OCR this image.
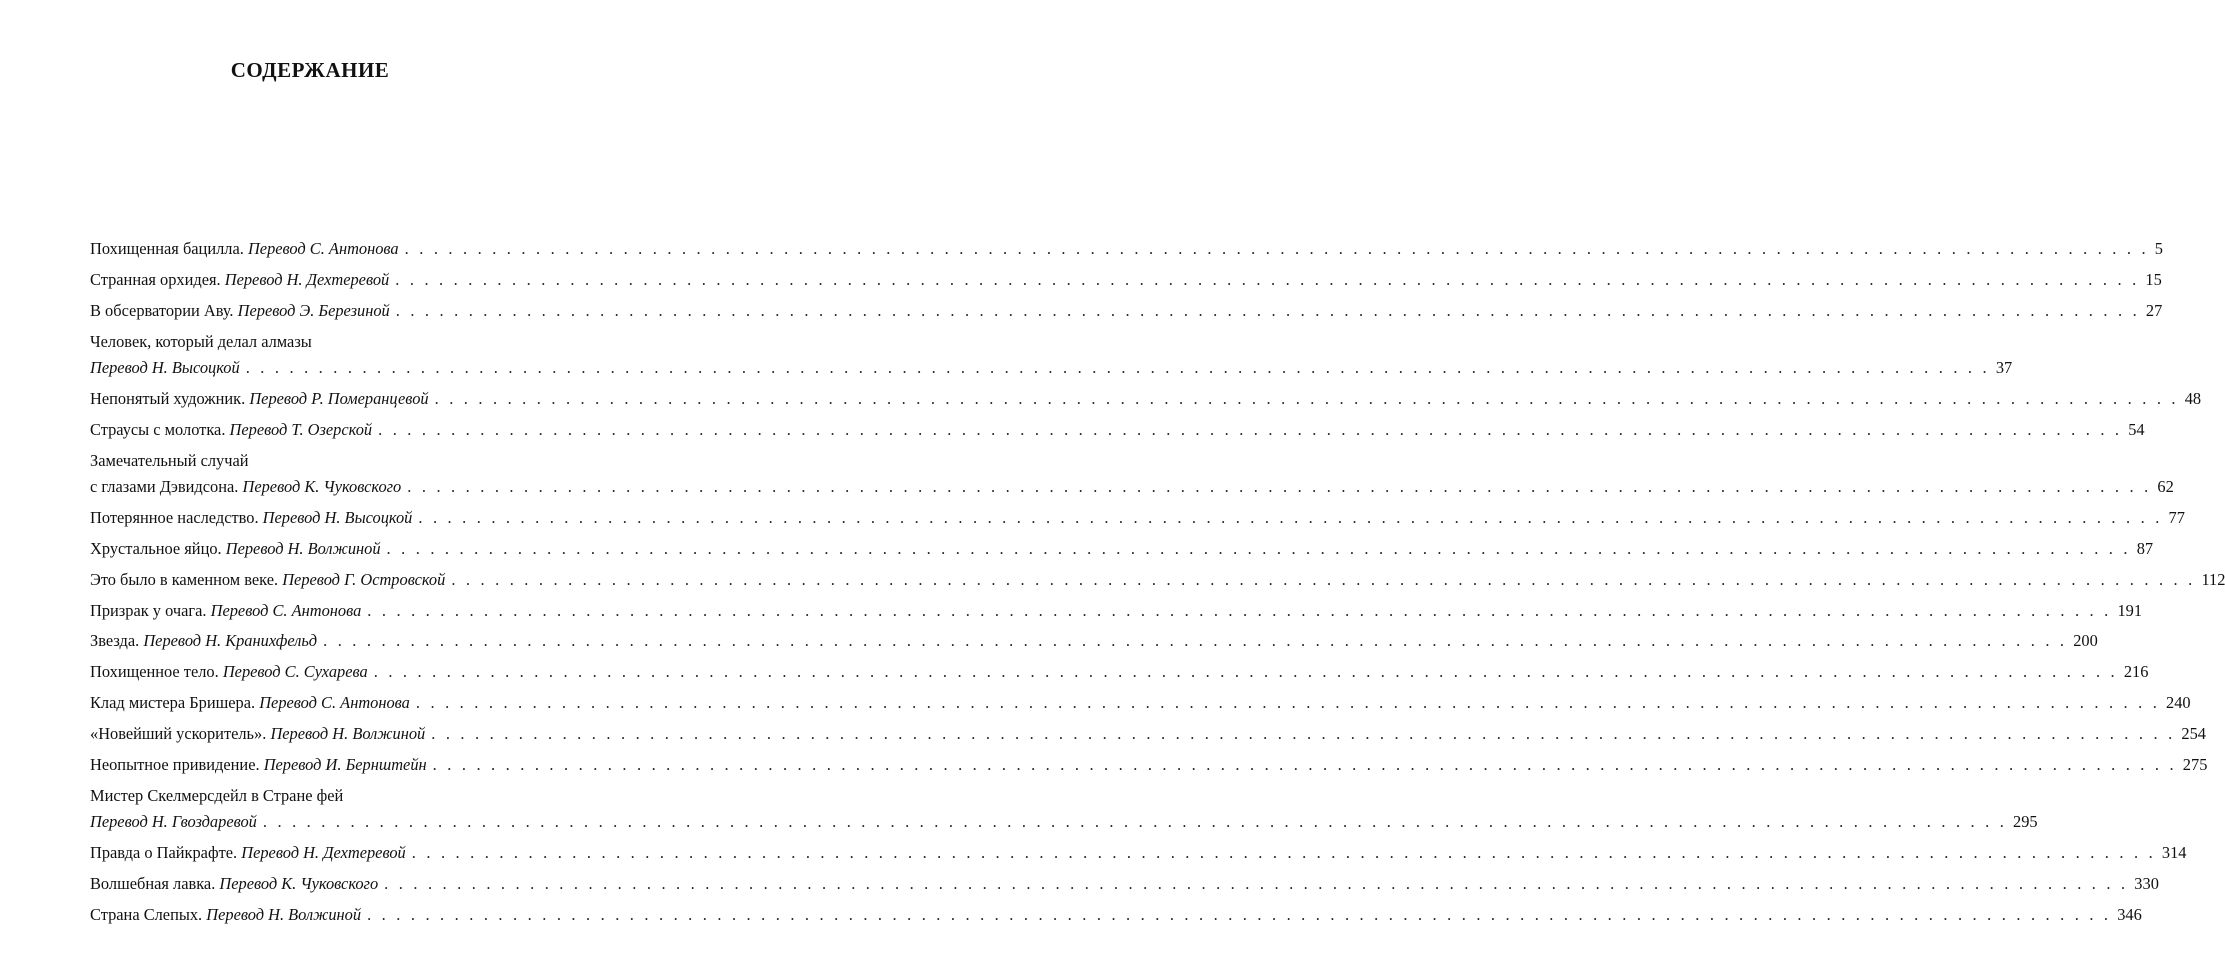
СОДЕРЖАНИЕ
Похищенная бацилла. Перевод С. Антонова . . . . . . . . . . . . . . . . . . . . . . . . . . . . . . . . . . . . . . . . . . . . . . . . . . . . . . . . . . . . . . . . . . . . . . . . . . . . . . . . . . . . . . . . . . . . . . . . . . . . . . . . . . . . . . . . . . . . . . . . 5
Странная орхидея. Перевод Н. Дехтеревой . . . . . . . . . . . . . . . . . . . . . . . . . . . . . . . . . . . . . . . . . . . . . . . . . . . . . . . . . . . . . . . . . . . . . . . . . . . . . . . . . . . . . . . . . . . . . . . . . . . . . . . . . . . . . . . . . . . . . . . . 15
В обсерватории Аву. Перевод Э. Березиной . . . . . . . . . . . . . . . . . . . . . . . . . . . . . . . . . . . . . . . . . . . . . . . . . . . . . . . . . . . . . . . . . . . . . . . . . . . . . . . . . . . . . . . . . . . . . . . . . . . . . . . . . . . . . . . . . . . . . . . . 27
Человек, который делал алмазы
Перевод Н. Высоцкой . . . . . . . . . . . . . . . . . . . . . . . . . . . . . . . . . . . . . . . . . . . . . . . . . . . . . . . . . . . . . . . . . . . . . . . . . . . . . . . . . . . . . . . . . . . . . . . . . . . . . . . . . . . . . . . . . . . . . . . . 37
Непонятый художник. Перевод Р. Померанцевой . . . . . . . . . . . . . . . . . . . . . . . . . . . . . . . . . . . . . . . . . . . . . . . . . . . . . . . . . . . . . . . . . . . . . . . . . . . . . . . . . . . . . . . . . . . . . . . . . . . . . . . . . . . . . . . . . . . . . . . . 48
Страусы с молотка. Перевод Т. Озерской . . . . . . . . . . . . . . . . . . . . . . . . . . . . . . . . . . . . . . . . . . . . . . . . . . . . . . . . . . . . . . . . . . . . . . . . . . . . . . . . . . . . . . . . . . . . . . . . . . . . . . . . . . . . . . . . . . . . . . . . 54
Замечательный случай
с глазами Дэвидсона. Перевод К. Чуковского . . . . . . . . . . . . . . . . . . . . . . . . . . . . . . . . . . . . . . . . . . . . . . . . . . . . . . . . . . . . . . . . . . . . . . . . . . . . . . . . . . . . . . . . . . . . . . . . . . . . . . . . . . . . . . . . . . . . . . . . 62
Потерянное наследство. Перевод Н. Высоцкой . . . . . . . . . . . . . . . . . . . . . . . . . . . . . . . . . . . . . . . . . . . . . . . . . . . . . . . . . . . . . . . . . . . . . . . . . . . . . . . . . . . . . . . . . . . . . . . . . . . . . . . . . . . . . . . . . . . . . . . . 77
Хрустальное яйцо. Перевод Н. Волжиной . . . . . . . . . . . . . . . . . . . . . . . . . . . . . . . . . . . . . . . . . . . . . . . . . . . . . . . . . . . . . . . . . . . . . . . . . . . . . . . . . . . . . . . . . . . . . . . . . . . . . . . . . . . . . . . . . . . . . . . . 87
Это было в каменном веке. Перевод Г. Островской . . . . . . . . . . . . . . . . . . . . . . . . . . . . . . . . . . . . . . . . . . . . . . . . . . . . . . . . . . . . . . . . . . . . . . . . . . . . . . . . . . . . . . . . . . . . . . . . . . . . . . . . . . . . . . . . . . . . . . . . 112
Призрак у очага. Перевод С. Антонова . . . . . . . . . . . . . . . . . . . . . . . . . . . . . . . . . . . . . . . . . . . . . . . . . . . . . . . . . . . . . . . . . . . . . . . . . . . . . . . . . . . . . . . . . . . . . . . . . . . . . . . . . . . . . . . . . . . . . . . . 191
Звезда. Перевод Н. Кранихфельд . . . . . . . . . . . . . . . . . . . . . . . . . . . . . . . . . . . . . . . . . . . . . . . . . . . . . . . . . . . . . . . . . . . . . . . . . . . . . . . . . . . . . . . . . . . . . . . . . . . . . . . . . . . . . . . . . . . . . . . . 200
Похищенное тело. Перевод С. Сухарева . . . . . . . . . . . . . . . . . . . . . . . . . . . . . . . . . . . . . . . . . . . . . . . . . . . . . . . . . . . . . . . . . . . . . . . . . . . . . . . . . . . . . . . . . . . . . . . . . . . . . . . . . . . . . . . . . . . . . . . . 216
Клад мистера Бришера. Перевод С. Антонова . . . . . . . . . . . . . . . . . . . . . . . . . . . . . . . . . . . . . . . . . . . . . . . . . . . . . . . . . . . . . . . . . . . . . . . . . . . . . . . . . . . . . . . . . . . . . . . . . . . . . . . . . . . . . . . . . . . . . . . . 240
«Новейший ускоритель». Перевод Н. Волжиной . . . . . . . . . . . . . . . . . . . . . . . . . . . . . . . . . . . . . . . . . . . . . . . . . . . . . . . . . . . . . . . . . . . . . . . . . . . . . . . . . . . . . . . . . . . . . . . . . . . . . . . . . . . . . . . . . . . . . . . . 254
Неопытное привидение. Перевод И. Бернштейн . . . . . . . . . . . . . . . . . . . . . . . . . . . . . . . . . . . . . . . . . . . . . . . . . . . . . . . . . . . . . . . . . . . . . . . . . . . . . . . . . . . . . . . . . . . . . . . . . . . . . . . . . . . . . . . . . . . . . . . . 275
Мистер Скелмерсдейл в Стране фей
Перевод Н. Гвоздаревой . . . . . . . . . . . . . . . . . . . . . . . . . . . . . . . . . . . . . . . . . . . . . . . . . . . . . . . . . . . . . . . . . . . . . . . . . . . . . . . . . . . . . . . . . . . . . . . . . . . . . . . . . . . . . . . . . . . . . . . . 295
Правда о Пайкрафте. Перевод Н. Дехтеревой . . . . . . . . . . . . . . . . . . . . . . . . . . . . . . . . . . . . . . . . . . . . . . . . . . . . . . . . . . . . . . . . . . . . . . . . . . . . . . . . . . . . . . . . . . . . . . . . . . . . . . . . . . . . . . . . . . . . . . . . 314
Волшебная лавка. Перевод К. Чуковского . . . . . . . . . . . . . . . . . . . . . . . . . . . . . . . . . . . . . . . . . . . . . . . . . . . . . . . . . . . . . . . . . . . . . . . . . . . . . . . . . . . . . . . . . . . . . . . . . . . . . . . . . . . . . . . . . . . . . . . . 330
Страна Слепых. Перевод Н. Волжиной . . . . . . . . . . . . . . . . . . . . . . . . . . . . . . . . . . . . . . . . . . . . . . . . . . . . . . . . . . . . . . . . . . . . . . . . . . . . . . . . . . . . . . . . . . . . . . . . . . . . . . . . . . . . . . . . . . . . . . . . 346
